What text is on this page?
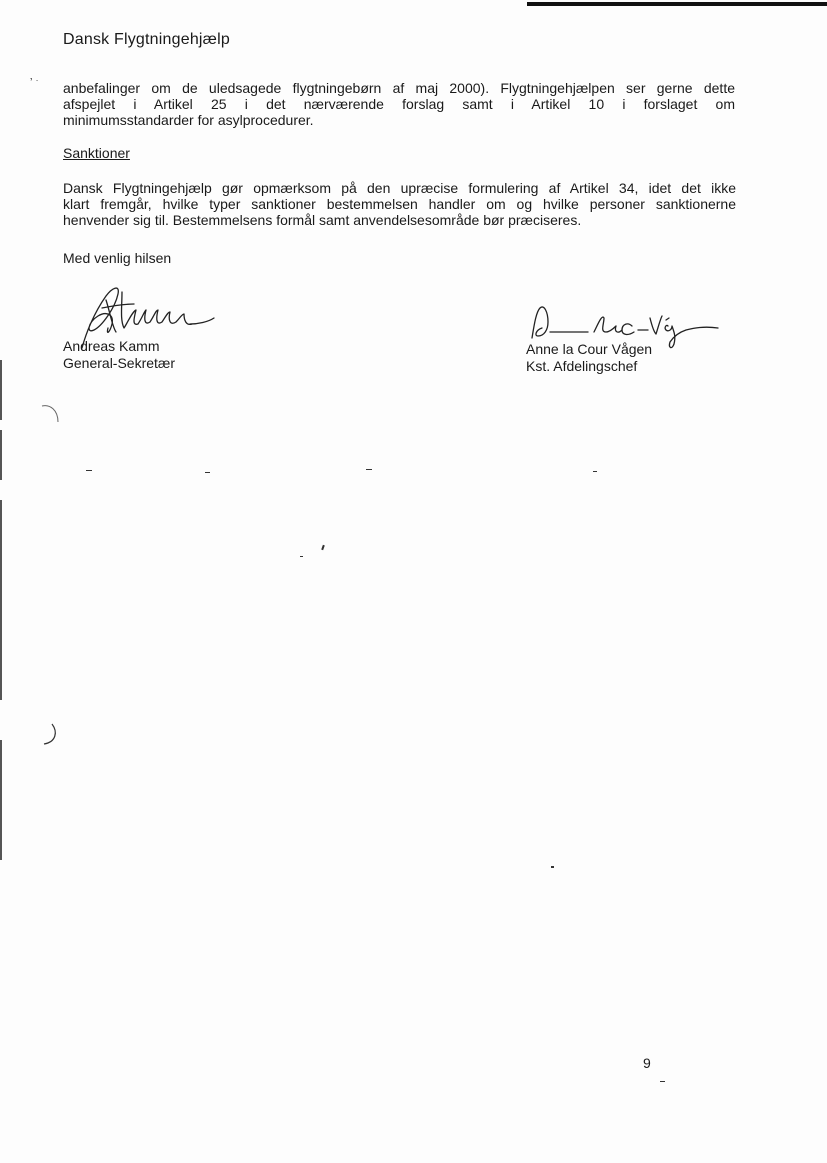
Dansk Flygtningehjælp
ʼ ˑ anbefalinger om de uledsagede flygtningebørn af maj 2000). Flygtningehjælpen ser gerne dette
afspejlet i Artikel 25 i det nærværende forslag samt i Artikel 10 i forslaget om
minimumsstandarder for asylprocedurer.
Sanktioner
Dansk Flygtningehjælp gør opmærksom på den upræcise formulering af Artikel 34, idet det ikke
klart fremgår, hvilke typer sanktioner bestemmelsen handler om og hvilke personer sanktionerne
henvender sig til. Bestemmelsens formål samt anvendelsesområde bør præciseres.
Med venlig hilsen
Andreas Kamm
General-Sekretær
Anne la Cour Vågen
Kst. Afdelingschef
9
